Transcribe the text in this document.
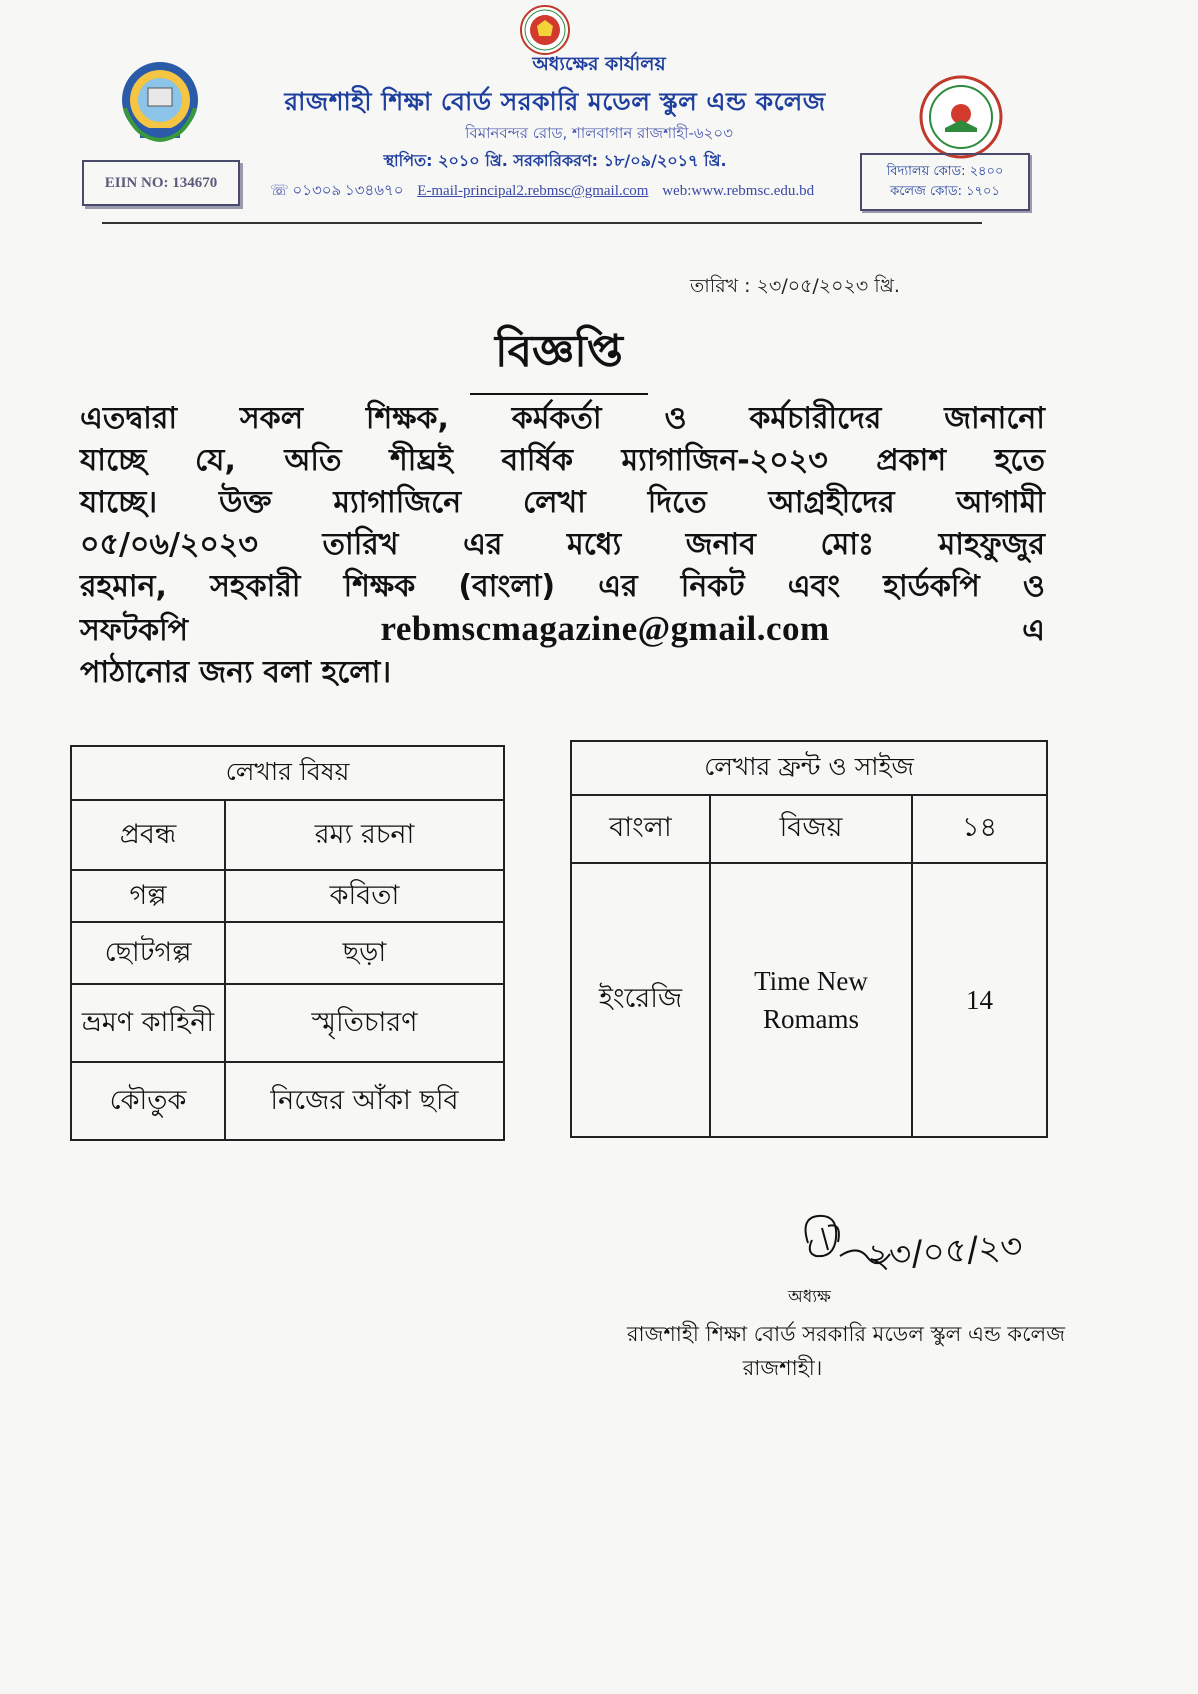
অধ্যক্ষের কার্যালয়
রাজশাহী শিক্ষা বোর্ড সরকারি মডেল স্কুল এন্ড কলেজ
বিমানবন্দর রোড, শালবাগান রাজশাহী-৬২০৩
স্থাপিত: ২০১০ খ্রি. সরকারিকরণ: ১৮/০৯/২০১৭ খ্রি.
☏ ০১৩০৯ ১৩৪৬৭০ E-mail-principal2.rebmsc@gmail.com web:www.rebmsc.edu.bd
EIIN NO: 134670
বিদ্যালয় কোড: ২৪০০
কলেজ কোড: ১৭০১
তারিখ : ২৩/০৫/২০২৩ খ্রি.
বিজ্ঞপ্তি

এতদ্বারা সকল শিক্ষক, কর্মকর্তা ও কর্মচারীদের জানানো

যাচ্ছে যে, অতি শীঘ্রই বার্ষিক ম্যাগাজিন-২০২৩ প্রকাশ হতে

যাচ্ছে। উক্ত ম্যাগাজিনে লেখা দিতে আগ্রহীদের আগামী

০৫/০৬/২০২৩ তারিখ এর মধ্যে জনাব মোঃ মাহফুজুর

রহমান, সহকারী শিক্ষক (বাংলা) এর নিকট এবং হার্ডকপি ও

সফটকপি	rebmscmagazine@gmail.com	এ

পাঠানোর জন্য বলা হলো।

লেখার বিষয়	
প্রবন্ধ	রম্য রচনা
গল্প	কবিতা
ছোটগল্প	ছড়া
ভ্রমণ কাহিনী	স্মৃতিচারণ
কৌতুক	নিজের আঁকা ছবি
লেখার ফ্রন্ট ও সাইজ		
বাংলা	বিজয়	১৪
ইংরেজি	Time New Romams	14
২৩/০৫/২৩
অধ্যক্ষ
রাজশাহী শিক্ষা বোর্ড সরকারি মডেল স্কুল এন্ড কলেজ
রাজশাহী।
